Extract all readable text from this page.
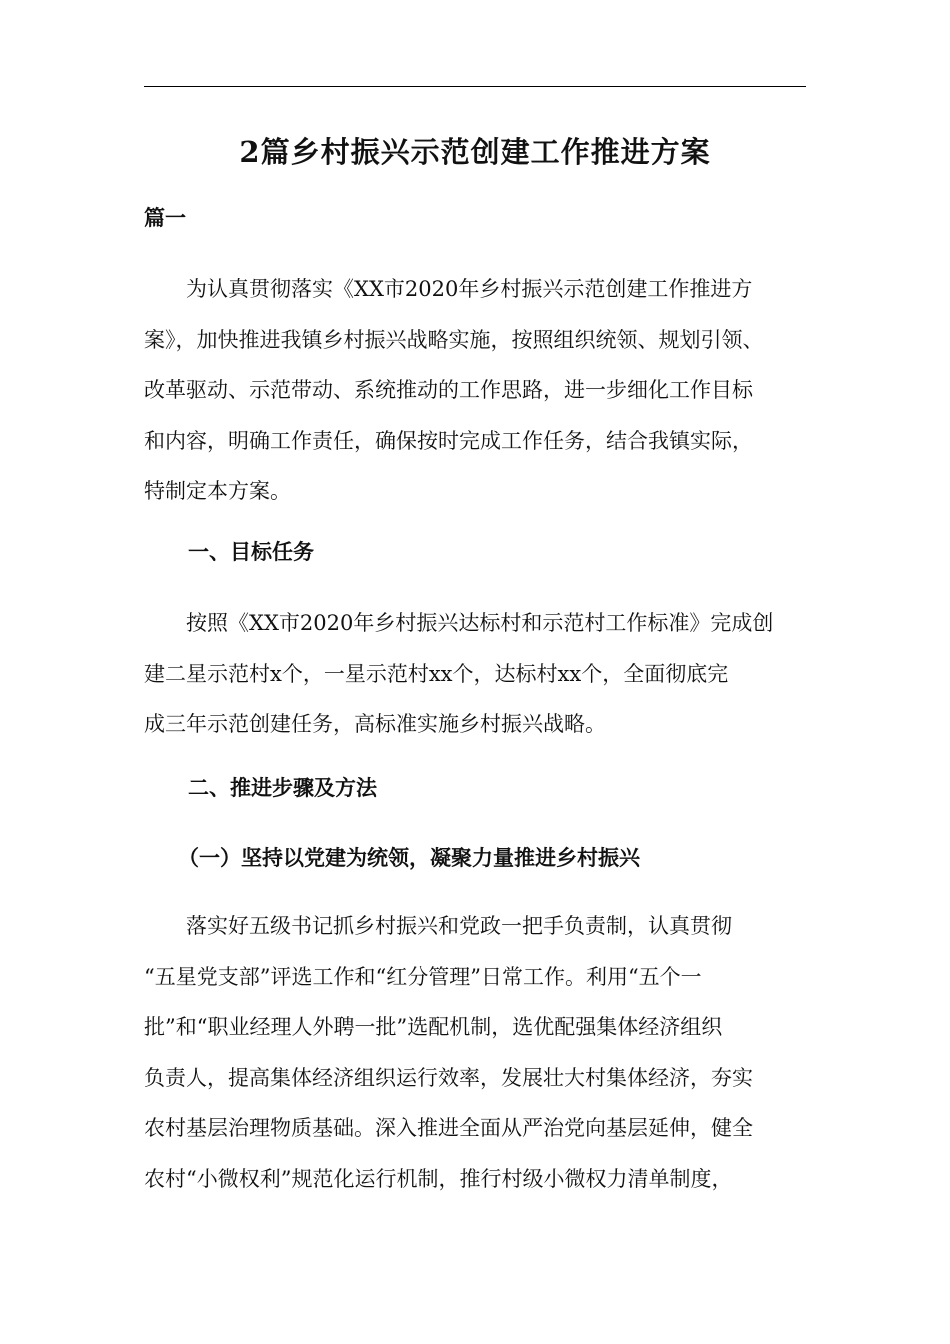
2篇乡村振兴示范创建工作推进方案
篇一

　　为认真贯彻落实《XX市2020年乡村振兴示范创建工作推进方
案》，加快推进我镇乡村振兴战略实施，按照组织统领、规划引领、
改革驱动、示范带动、系统推动的工作思路，进一步细化工作目标
和内容，明确工作责任，确保按时完成工作任务，结合我镇实际，
特制定本方案。

一、目标任务

　　按照《XX市2020年乡村振兴达标村和示范村工作标准》完成创
建二星示范村x个，一星示范村xx个，达标村xx个，全面彻底完
成三年示范创建任务，高标准实施乡村振兴战略。

二、推进步骤及方法
（一）坚持以党建为统领，凝聚力量推进乡村振兴

　　落实好五级书记抓乡村振兴和党政一把手负责制，认真贯彻
“五星党支部”评选工作和“红分管理”日常工作。利用“五个一
批”和“职业经理人外聘一批”选配机制，选优配强集体经济组织
负责人，提高集体经济组织运行效率，发展壮大村集体经济，夯实
农村基层治理物质基础。深入推进全面从严治党向基层延伸，健全
农村“小微权利”规范化运行机制，推行村级小微权力清单制度，
